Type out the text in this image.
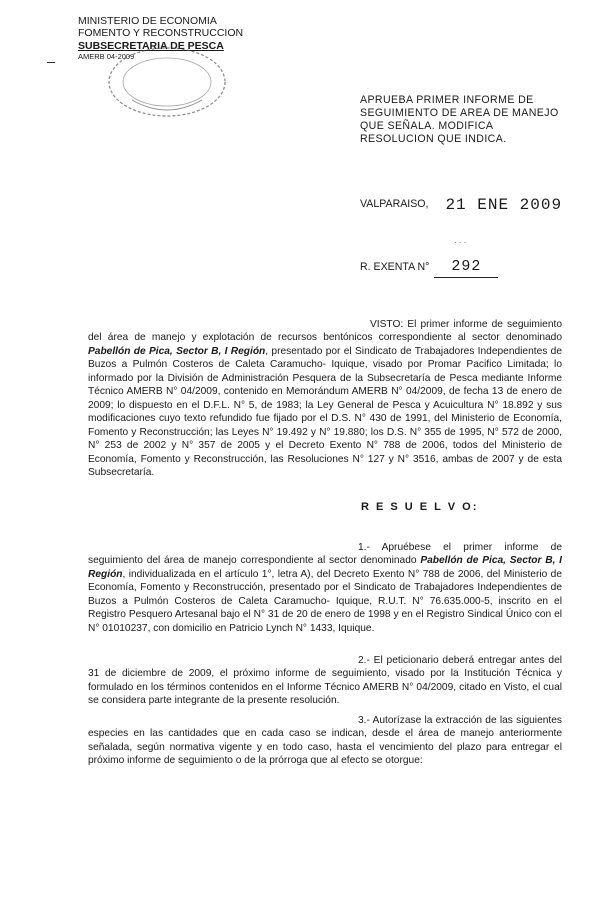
MINISTERIO DE ECONOMIA
FOMENTO Y RECONSTRUCCION
SUBSECRETARIA DE PESCA
AMERB 04-2009
APRUEBA PRIMER INFORME DE SEGUIMIENTO DE AREA DE MANEJO QUE SEÑALA. MODIFICA RESOLUCION QUE INDICA.
VALPARAISO, 21 ENE 2009
· · ·
R. EXENTA N° 292
VISTO: El primer informe de seguimiento del área de manejo y explotación de recursos bentónicos correspondiente al sector denominado Pabellón de Pica, Sector B, I Región, presentado por el Sindicato de Trabajadores Independientes de Buzos a Pulmón Costeros de Caleta Caramucho- Iquique, visado por Promar Pacifico Limitada; lo informado por la División de Administración Pesquera de la Subsecretaría de Pesca mediante Informe Técnico AMERB N° 04/2009, contenido en Memorándum AMERB N° 04/2009, de fecha 13 de enero de 2009; lo dispuesto en el D.F.L. N° 5, de 1983; la Ley General de Pesca y Acuicultura N° 18.892 y sus modificaciones cuyo texto refundido fue fijado por el D.S. N° 430 de 1991, del Ministerio de Economía, Fomento y Reconstrucción; las Leyes N° 19.492 y N° 19.880; los D.S. N° 355 de 1995, N° 572 de 2000, N° 253 de 2002 y N° 357 de 2005 y el Decreto Exento N° 788 de 2006, todos del Ministerio de Economía, Fomento y Reconstrucción, las Resoluciones N° 127 y N° 3516, ambas de 2007 y de esta Subsecretaría.
R E S U E L V O:
1.- Apruébese el primer informe de seguimiento del área de manejo correspondiente al sector denominado Pabellón de Pica, Sector B, I Región, individualizada en el artículo 1°, letra A), del Decreto Exento N° 788 de 2006, del Ministerio de Economía, Fomento y Reconstrucción, presentado por el Sindicato de Trabajadores Independientes de Buzos a Pulmón Costeros de Caleta Caramucho- Iquique, R.U.T. N° 76.635.000-5, inscrito en el Registro Pesquero Artesanal bajo el N° 31 de 20 de enero de 1998 y en el Registro Sindical Único con el N° 01010237, con domicilio en Patricio Lynch N° 1433, Iquique.
2.- El peticionario deberá entregar antes del 31 de diciembre de 2009, el próximo informe de seguimiento, visado por la Institución Técnica y formulado en los términos contenidos en el Informe Técnico AMERB N° 04/2009, citado en Visto, el cual se considera parte integrante de la presente resolución.
3.- Autorízase la extracción de las siguientes especies en las cantidades que en cada caso se indican, desde el área de manejo anteriormente señalada, según normativa vigente y en todo caso, hasta el vencimiento del plazo para entregar el próximo informe de seguimiento o de la prórroga que al efecto se otorgue:
